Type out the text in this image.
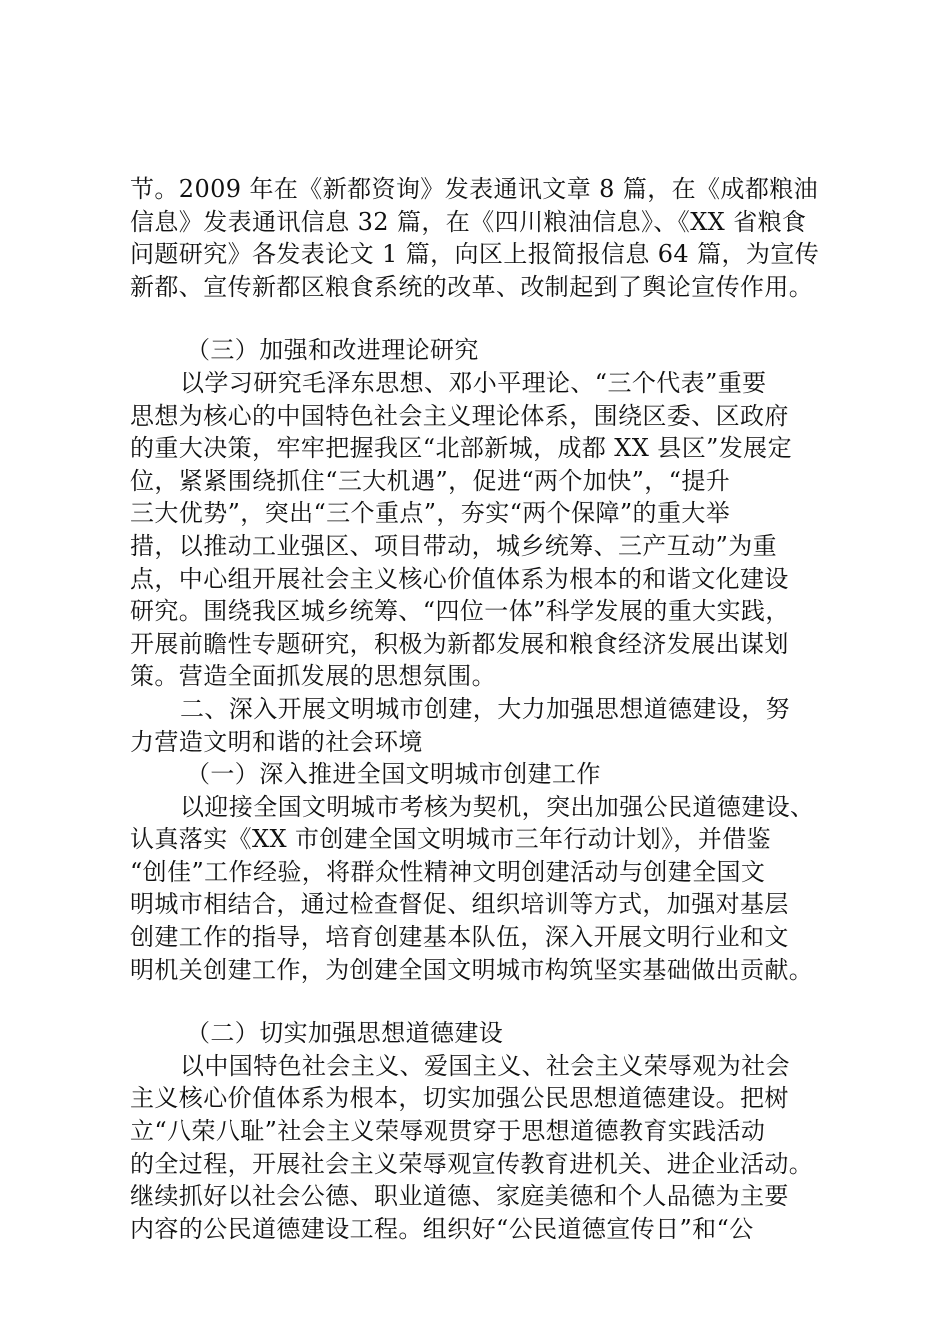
节。2009 年在《新都资询》发表通讯文章 8 篇，在《成都粮油
信息》发表通讯信息 32 篇，在《四川粮油信息》、《XX 省粮食
问题研究》各发表论文 1 篇，向区上报简报信息 64 篇，为宣传
新都、宣传新都区粮食系统的改革、改制起到了舆论宣传作用。
（三）加强和改进理论研究
以学习研究毛泽东思想、邓小平理论、“三个代表”重要
思想为核心的中国特色社会主义理论体系，围绕区委、区政府
的重大决策，牢牢把握我区“北部新城，成都 XX 县区”发展定
位，紧紧围绕抓住“三大机遇”，促进“两个加快”，“提升
三大优势”，突出“三个重点”，夯实“两个保障”的重大举
措，以推动工业强区、项目带动，城乡统筹、三产互动”为重
点，中心组开展社会主义核心价值体系为根本的和谐文化建设
研究。围绕我区城乡统筹、“四位一体”科学发展的重大实践，
开展前瞻性专题研究，积极为新都发展和粮食经济发展出谋划
策。营造全面抓发展的思想氛围。
二、深入开展文明城市创建，大力加强思想道德建设，努
力营造文明和谐的社会环境
（一）深入推进全国文明城市创建工作
以迎接全国文明城市考核为契机，突出加强公民道德建设、
认真落实《XX 市创建全国文明城市三年行动计划》，并借鉴
“创佳”工作经验，将群众性精神文明创建活动与创建全国文
明城市相结合，通过检查督促、组织培训等方式，加强对基层
创建工作的指导，培育创建基本队伍，深入开展文明行业和文
明机关创建工作，为创建全国文明城市构筑坚实基础做出贡献。
（二）切实加强思想道德建设
以中国特色社会主义、爱国主义、社会主义荣辱观为社会
主义核心价值体系为根本，切实加强公民思想道德建设。把树
立“八荣八耻”社会主义荣辱观贯穿于思想道德教育实践活动
的全过程，开展社会主义荣辱观宣传教育进机关、进企业活动。
继续抓好以社会公德、职业道德、家庭美德和个人品德为主要
内容的公民道德建设工程。组织好“公民道德宣传日”和“公
